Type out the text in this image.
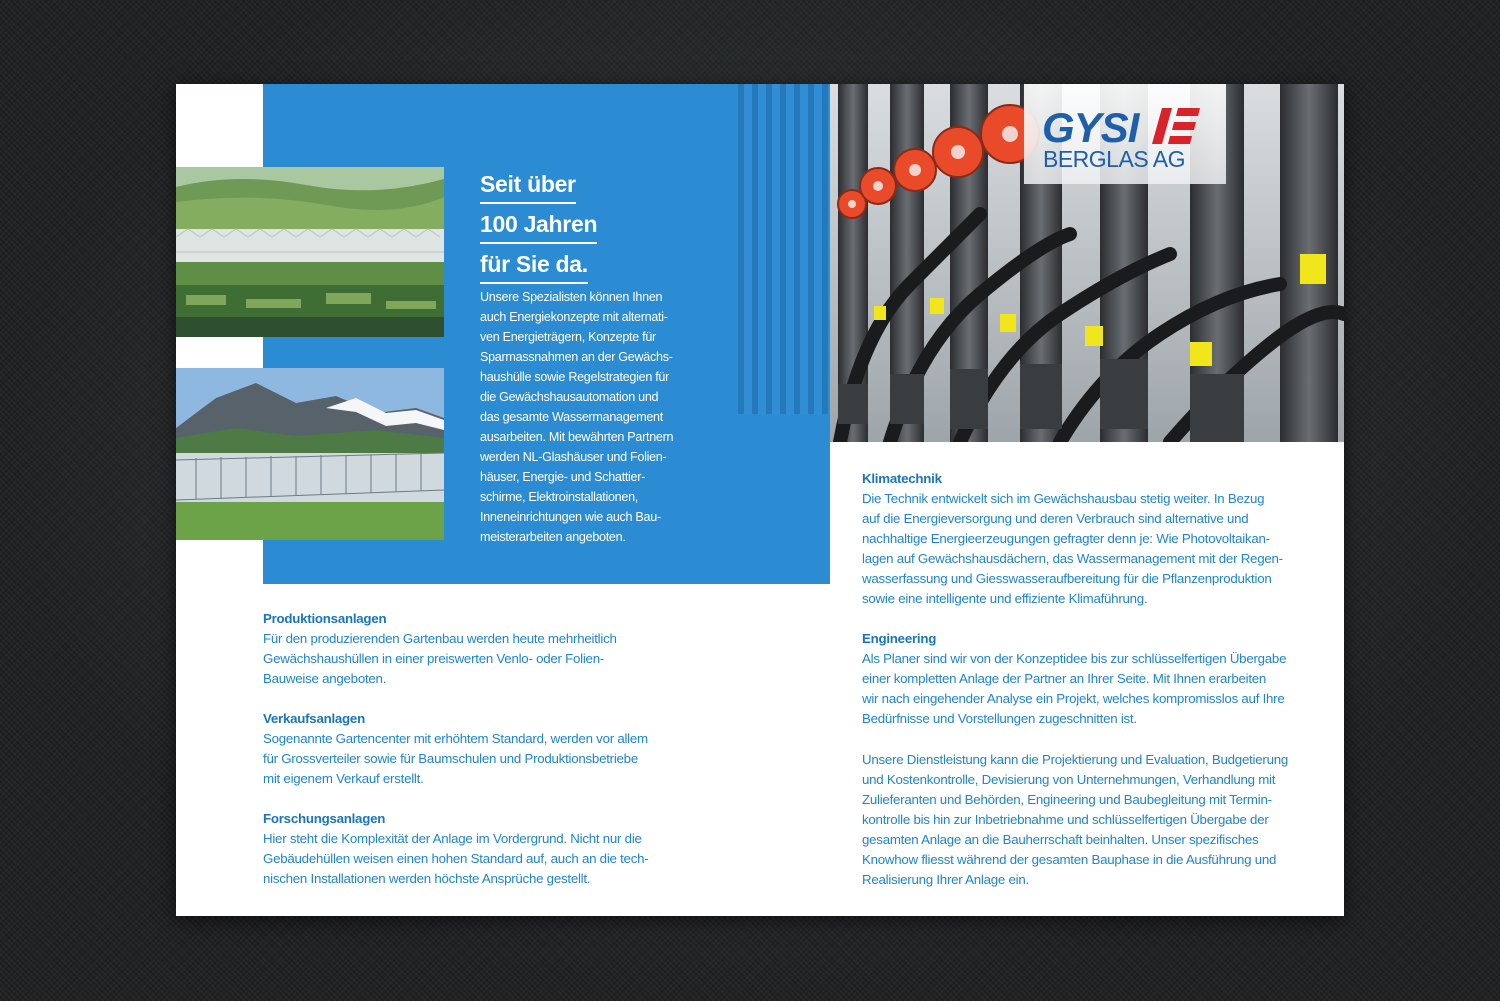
GYSI
BERGLAS AG
Seit über
100 Jahren
für Sie da.
Unsere Spezialisten können Ihnen
auch Energiekonzepte mit alternati-
ven Energieträgern, Konzepte für
Sparmassnahmen an der Gewächs-
haushülle sowie Regelstrategien für
die Gewächshausautomation und
das gesamte Wassermanagement
ausarbeiten. Mit bewährten Partnern
werden NL-Glashäuser und Folien-
häuser, Energie- und Schattier-
schirme, Elektroinstallationen,
Inneneinrichtungen wie auch Bau-
meisterarbeiten angeboten.
Produktionsanlagen

Für den produzierenden Gartenbau werden heute mehrheitlich

Gewächshaushüllen in einer preiswerten Venlo- oder Folien-

Bauweise angeboten.

Verkaufsanlagen

Sogenannte Gartencenter mit erhöhtem Standard, werden vor allem

für Grossverteiler sowie für Baumschulen und Produktionsbetriebe

mit eigenem Verkauf erstellt.

Forschungsanlagen

Hier steht die Komplexität der Anlage im Vordergrund. Nicht nur die

Gebäudehüllen weisen einen hohen Standard auf, auch an die tech-

nischen Installationen werden höchste Ansprüche gestellt.

Klimatechnik

Die Technik entwickelt sich im Gewächshausbau stetig weiter. In Bezug

auf die Energieversorgung und deren Verbrauch sind alternative und

nachhaltige Energieerzeugungen gefragter denn je: Wie Photovoltaikan-

lagen auf Gewächshausdächern, das Wassermanagement mit der Regen-

wasserfassung und Giesswasseraufbereitung für die Pflanzenproduktion

sowie eine intelligente und effiziente Klimaführung.

Engineering

Als Planer sind wir von der Konzeptidee bis zur schlüsselfertigen Übergabe

einer kompletten Anlage der Partner an Ihrer Seite. Mit Ihnen erarbeiten

wir nach eingehender Analyse ein Projekt, welches kompromisslos auf Ihre

Bedürfnisse und Vorstellungen zugeschnitten ist.

Unsere Dienstleistung kann die Projektierung und Evaluation, Budgetierung

und Kostenkontrolle, Devisierung von Unternehmungen, Verhandlung mit

Zulieferanten und Behörden, Engineering und Baubegleitung mit Termin-

kontrolle bis hin zur Inbetriebnahme und schlüsselfertigen Übergabe der

gesamten Anlage an die Bauherrschaft beinhalten. Unser spezifisches

Knowhow fliesst während der gesamten Bauphase in die Ausführung und

Realisierung Ihrer Anlage ein.
